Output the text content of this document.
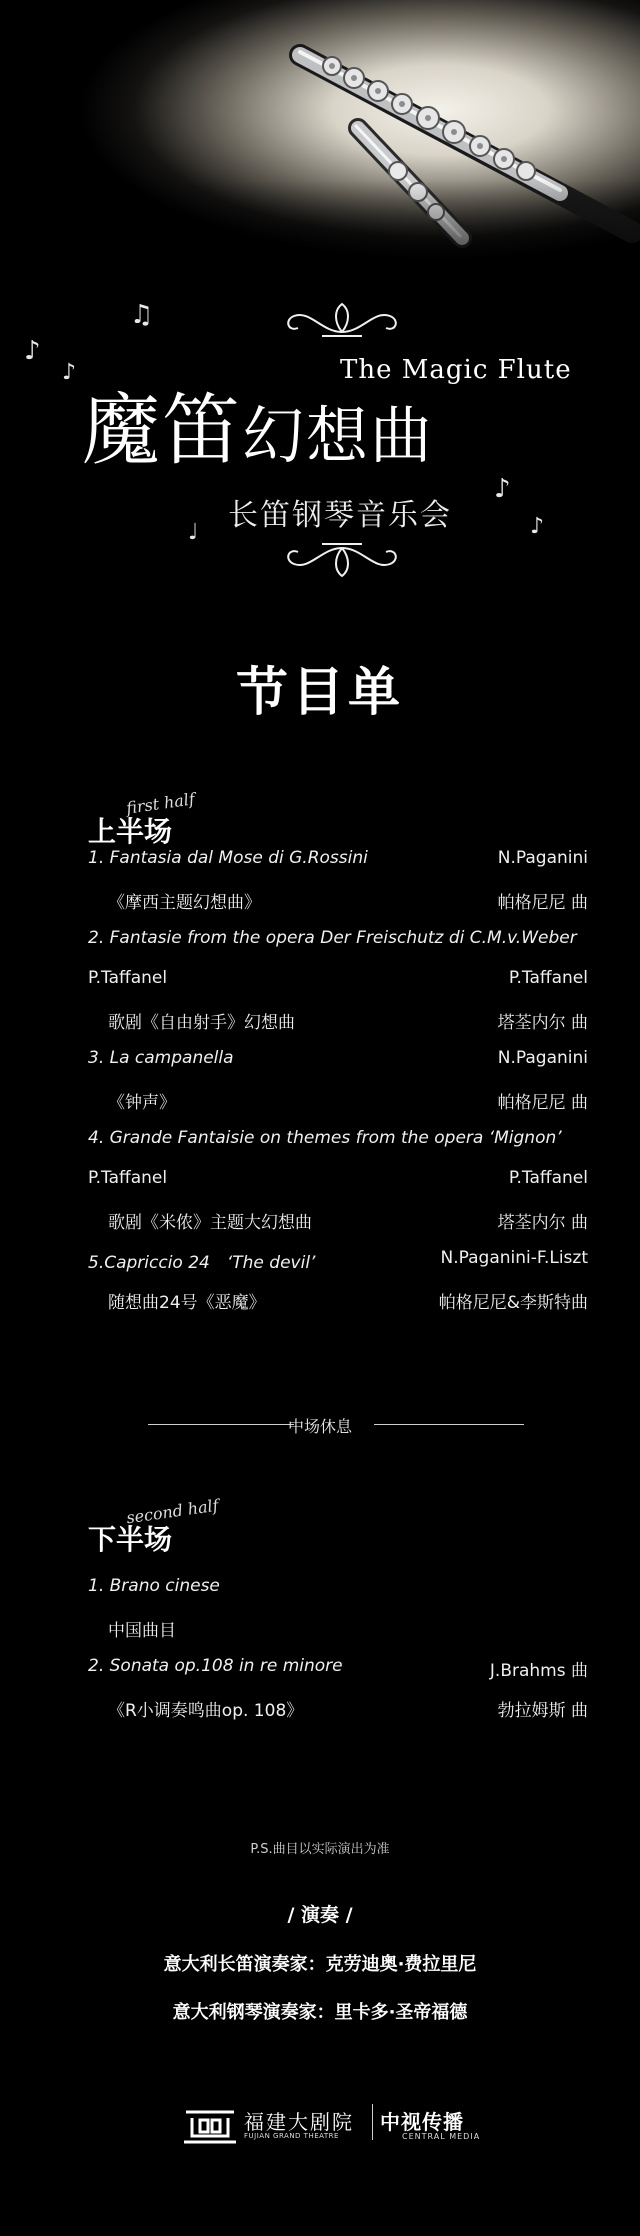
♫
♪
♪
♩
♪
♪
The Magic Flute
魔笛幻想曲
长笛钢琴音乐会
节目单
first half
上半场
1. Fantasia dal Mose di G.Rossini	N.Paganini
《摩西主题幻想曲》	帕格尼尼 曲
2. Fantasie from the opera Der Freischutz di C.M.v.Weber
P.Taffanel	P.Taffanel
歌剧《自由射手》幻想曲	塔荃内尔 曲
3. La campanella	N.Paganini
《钟声》	帕格尼尼 曲
4. Grande Fantaisie on themes from the opera ‘Mignon’
P.Taffanel	P.Taffanel
歌剧《米侬》主题大幻想曲	塔荃内尔 曲
5.Capriccio 24　‘The devil’	N.Paganini-F.Liszt
随想曲24号《恶魔》	帕格尼尼&李斯特曲
中场休息
second half
下半场
1. Brano cinese
中国曲目
2. Sonata op.108 in re minore	J.Brahms 曲
《R小调奏鸣曲op. 108》	勃拉姆斯 曲
P.S.曲目以实际演出为准
/ 演奏 /
意大利长笛演奏家：克劳迪奥·费拉里尼
意大利钢琴演奏家：里卡多·圣帝福德
福建大剧院
FUJIAN GRAND THEATRE
中视传播
CENTRAL MEDIA
